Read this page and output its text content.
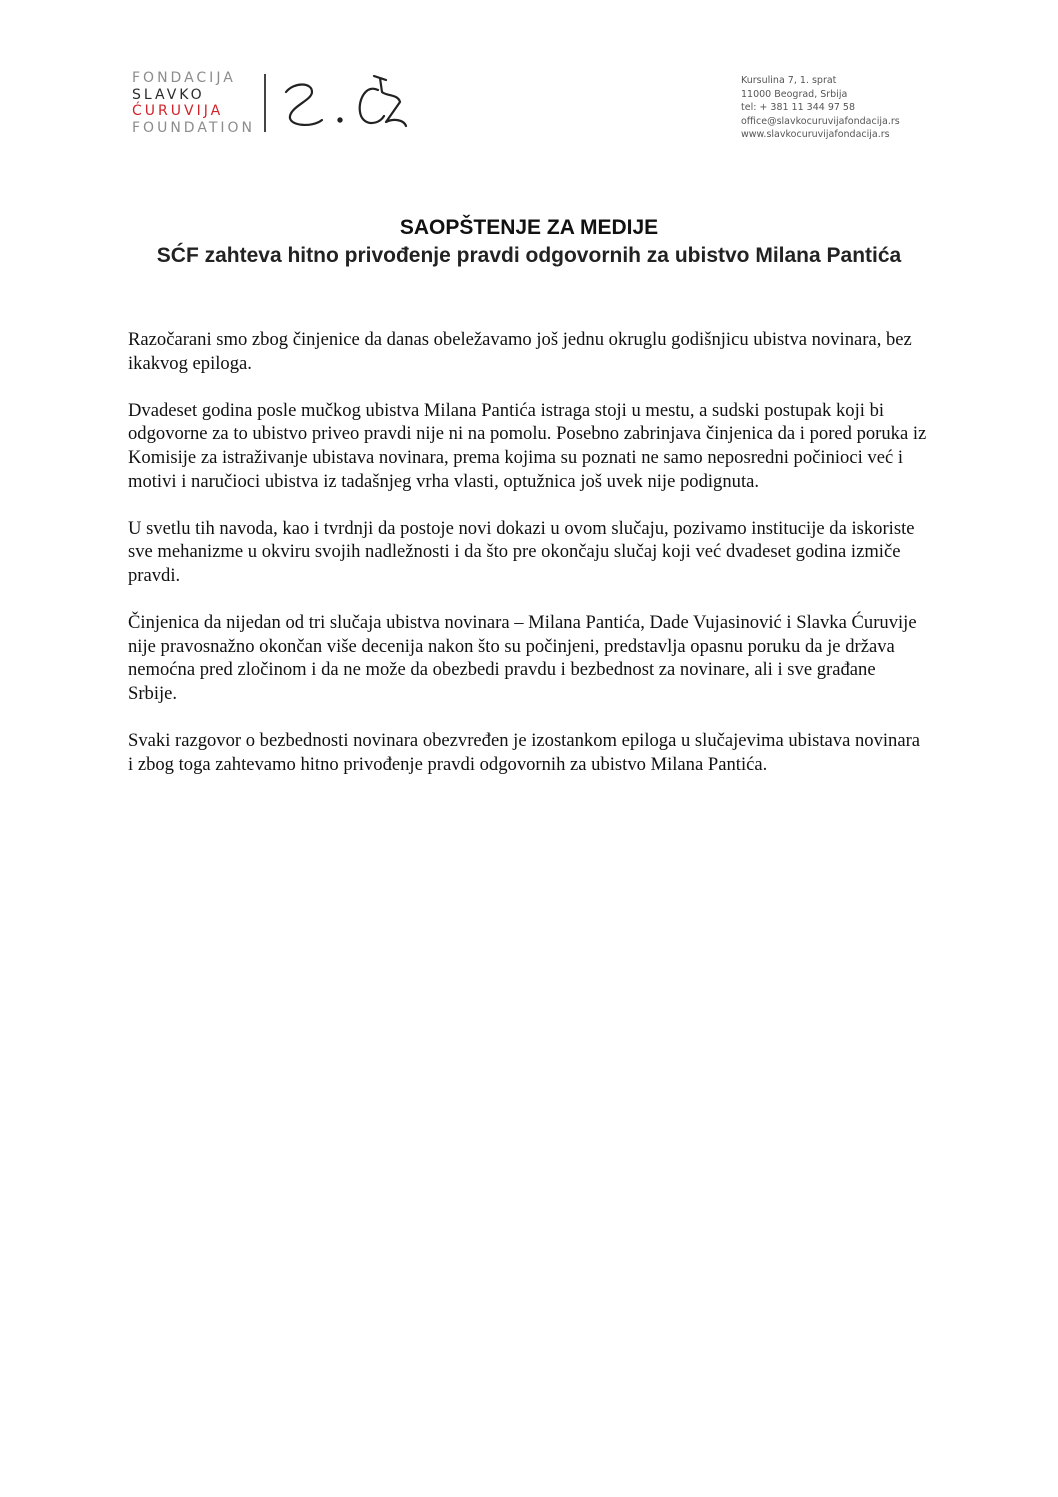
FONDACIJA
SLAVKO
ĆURUVIJA
FOUNDATION
Kursulina 7, 1. sprat
11000 Beograd, Srbija
tel: + 381 11 344 97 58
office@slavkocuruvijafondacija.rs
www.slavkocuruvijafondacija.rs
SAOPŠTENJE ZA MEDIJE
SĆF zahteva hitno privođenje pravdi odgovornih za ubistvo Milana Pantića

Razočarani smo zbog činjenice da danas obeležavamo još jednu okruglu godišnjicu ubistva novinara, bez ikakvog epiloga.

Dvadeset godina posle mučkog ubistva Milana Pantića istraga stoji u mestu, a sudski postupak koji bi odgovorne za to ubistvo priveo pravdi nije ni na pomolu. Posebno zabrinjava činjenica da i pored poruka iz Komisije za istraživanje ubistava novinara, prema kojima su poznati ne samo neposredni počinioci već i motivi i naručioci ubistva iz tadašnjeg vrha vlasti, optužnica još uvek nije podignuta.

U svetlu tih navoda, kao i tvrdnji da postoje novi dokazi u ovom slučaju, pozivamo institucije da iskoriste sve mehanizme u okviru svojih nadležnosti i da što pre okončaju slučaj koji već dvadeset godina izmiče pravdi.

Činjenica da nijedan od tri slučaja ubistva novinara – Milana Pantića, Dade Vujasinović i Slavka Ćuruvije nije pravosnažno okončan više decenija nakon što su počinjeni, predstavlja opasnu poruku da je država nemoćna pred zločinom i da ne može da obezbedi pravdu i bezbednost za novinare, ali i sve građane Srbije.

Svaki razgovor o bezbednosti novinara obezvređen je izostankom epiloga u slučajevima ubistava novinara i zbog toga zahtevamo hitno privođenje pravdi odgovornih za ubistvo Milana Pantića.
